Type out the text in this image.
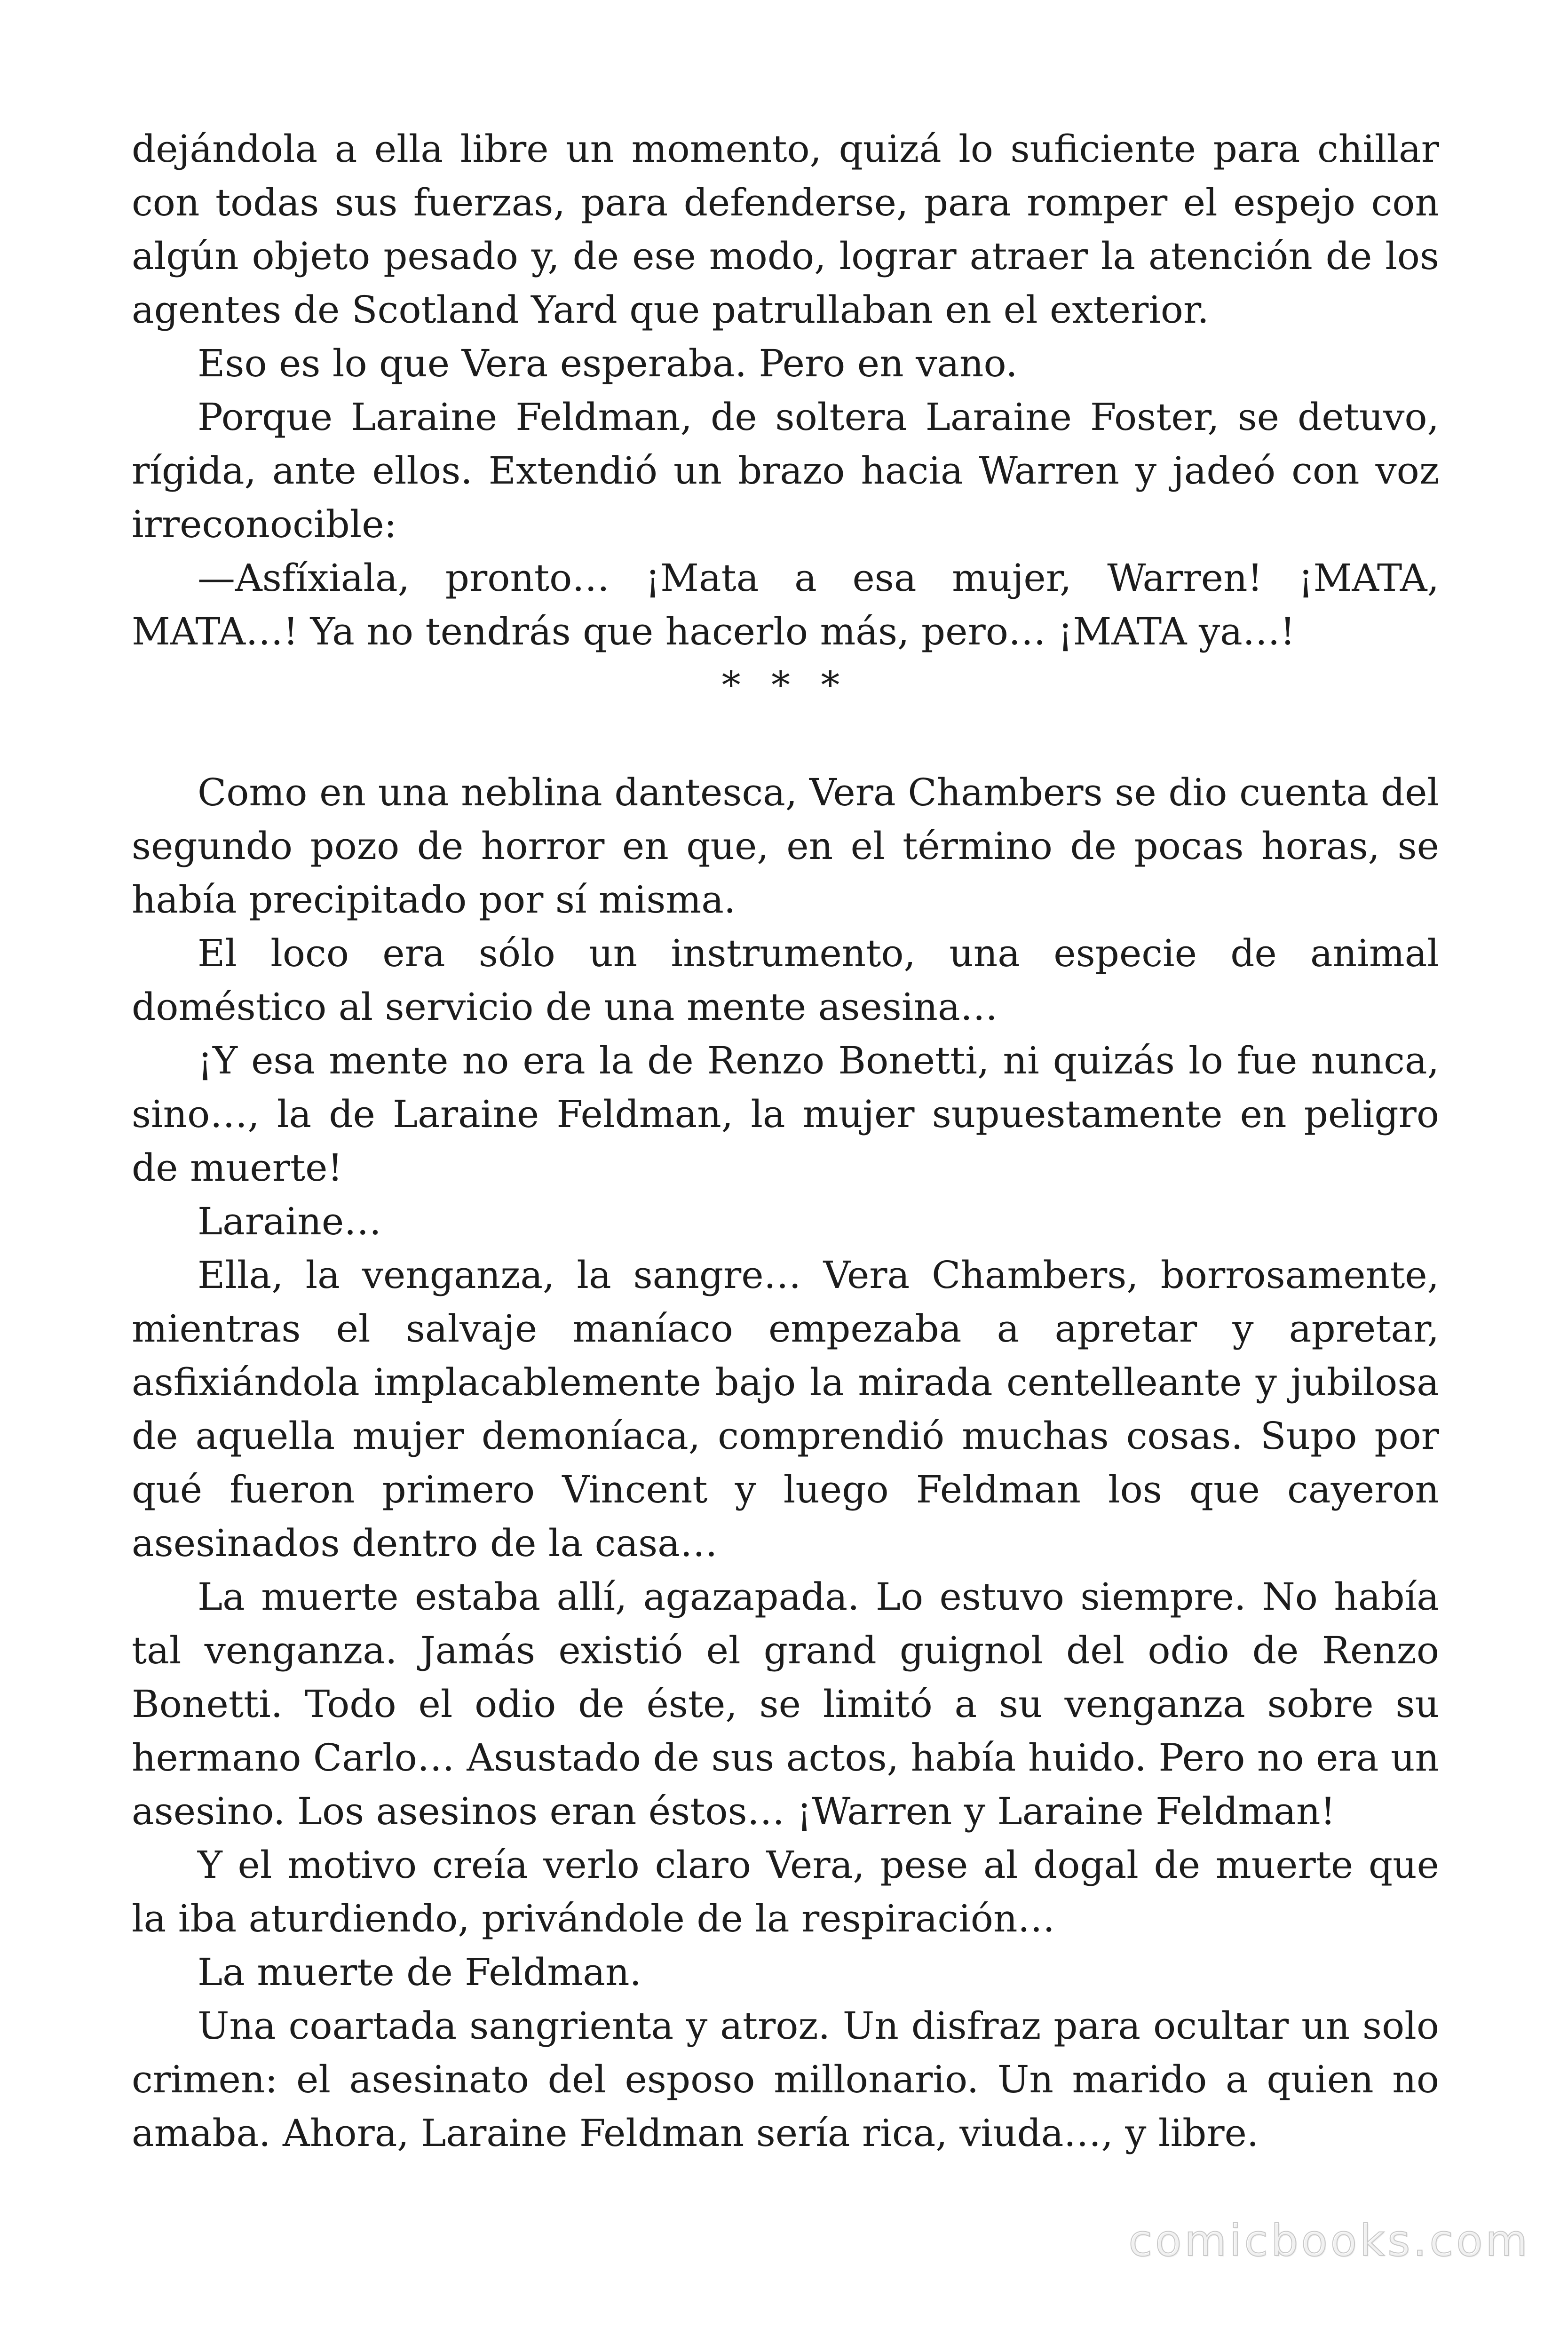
dejándola a ella libre un momento, quizá lo suficiente para chillar con todas sus fuerzas, para defenderse, para romper el espejo con algún objeto pesado y, de ese modo, lograr atraer la atención de los agentes de Scotland Yard que patrullaban en el exterior.

Eso es lo que Vera esperaba. Pero en vano.

Porque Laraine Feldman, de soltera Laraine Foster, se detuvo, rígida, ante ellos. Extendió un brazo hacia Warren y jadeó con voz irreconocible:

—Asfíxiala, pronto… ¡Mata a esa mujer, Warren! ¡MATA, MATA…! Ya no tendrás que hacerlo más, pero… ¡MATA ya…!

* * *

Como en una neblina dantesca, Vera Chambers se dio cuenta del segundo pozo de horror en que, en el término de pocas horas, se había precipitado por sí misma.

El loco era sólo un instrumento, una especie de animal doméstico al servicio de una mente asesina…

¡Y esa mente no era la de Renzo Bonetti, ni quizás lo fue nunca, sino…, la de Laraine Feldman, la mujer supuestamente en peligro de muerte!

Laraine…

Ella, la venganza, la sangre… Vera Chambers, borrosamente, mientras el salvaje maníaco empezaba a apretar y apretar, asfixiándola implacablemente bajo la mirada centelleante y jubilosa de aquella mujer demoníaca, comprendió muchas cosas. Supo por qué fueron primero Vincent y luego Feldman los que cayeron asesinados dentro de la casa…

La muerte estaba allí, agazapada. Lo estuvo siempre. No había tal venganza. Jamás existió el grand guignol del odio de Renzo Bonetti. Todo el odio de éste, se limitó a su venganza sobre su hermano Carlo… Asustado de sus actos, había huido. Pero no era un asesino. Los asesinos eran éstos… ¡Warren y Laraine Feldman!

Y el motivo creía verlo claro Vera, pese al dogal de muerte que la iba aturdiendo, privándole de la respiración…

La muerte de Feldman.

Una coartada sangrienta y atroz. Un disfraz para ocultar un solo crimen: el asesinato del esposo millonario. Un marido a quien no amaba. Ahora, Laraine Feldman sería rica, viuda…, y libre.

comicbooks.com
